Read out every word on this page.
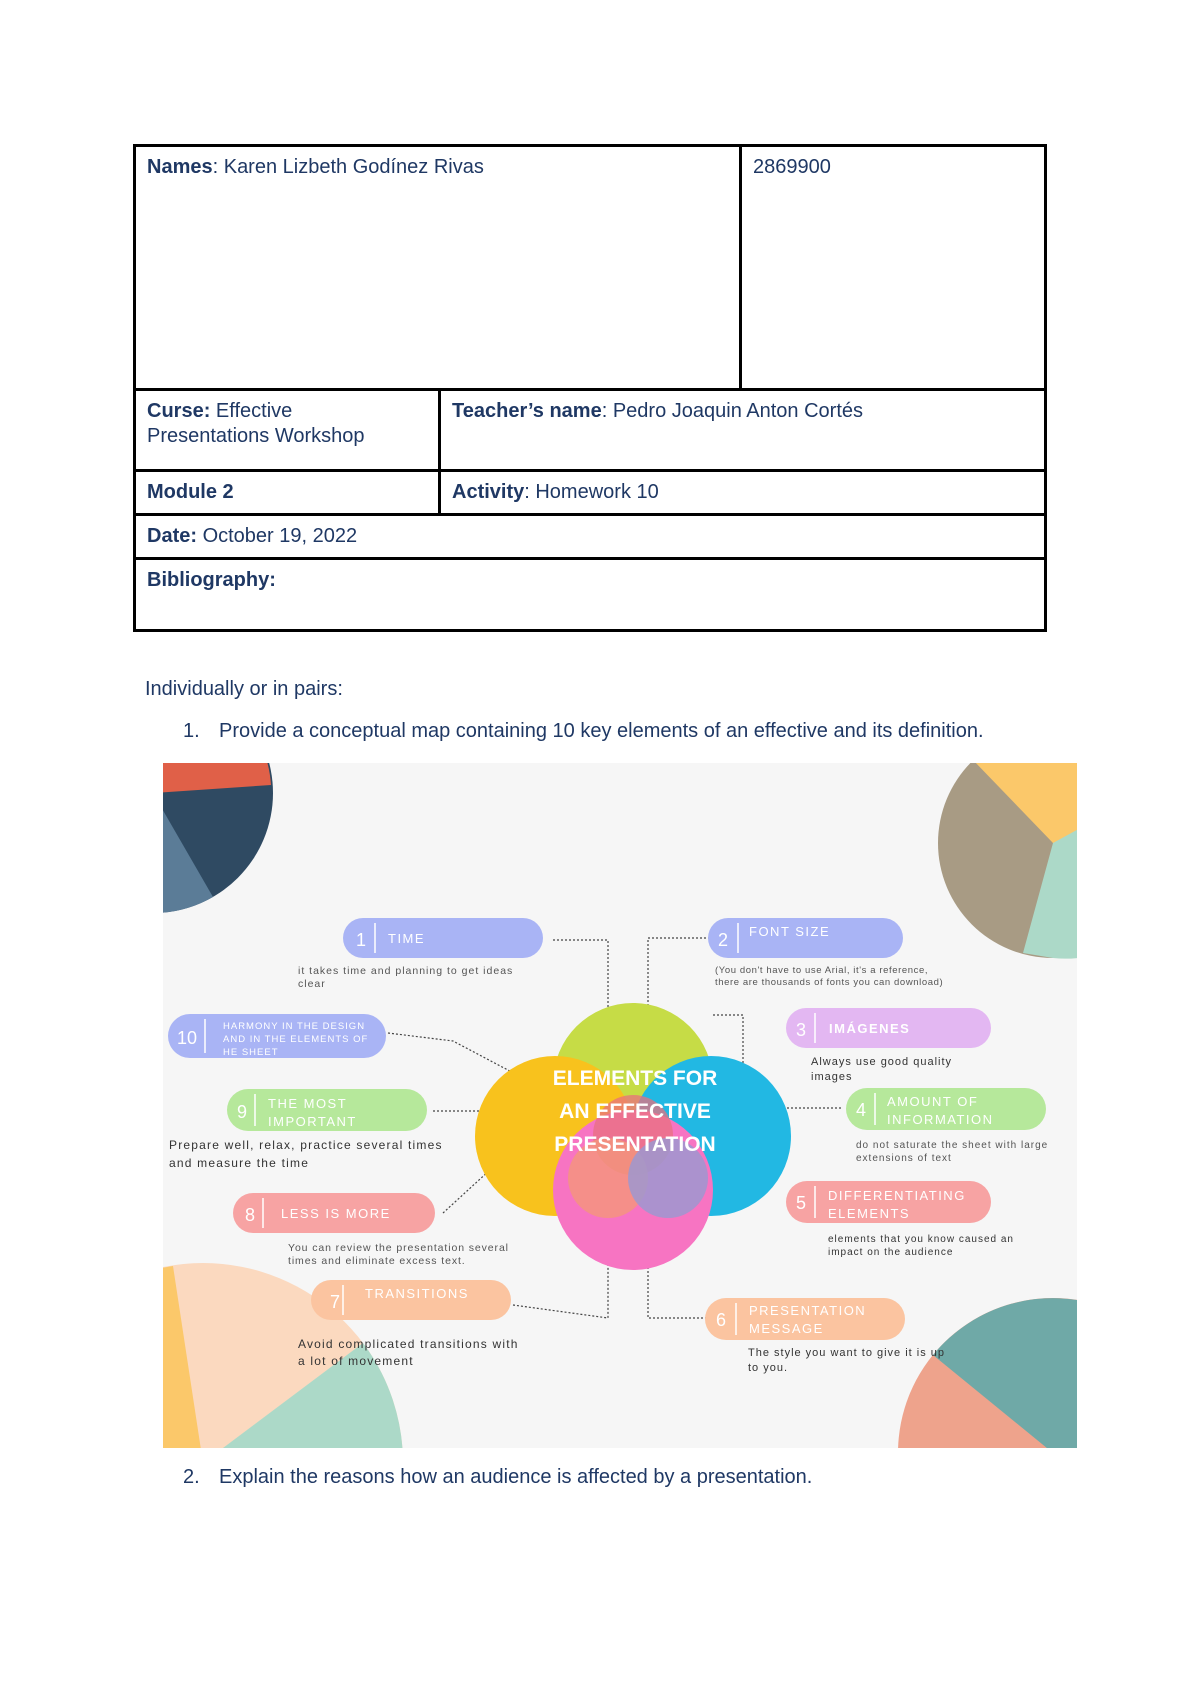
Names: Karen Lizbeth Godínez Rivas	2869900
Curse: Effective Presentations Workshop
Teacher’s name: Pedro Joaquin Anton Cortés
Module 2	Activity: Homework 10
Date: October 19, 2022
Bibliography:
Individually or in pairs:
1. Provide a conceptual map containing 10 key elements of an effective and its definition.
ELEMENTS FOR
AN EFFECTIVE
PRESENTATION
1 TIME
it takes time and planning to get ideas
clear
2 FONT SIZE
(You don't have to use Arial, it's a reference,
there are thousands of fonts you can download)
3 IMÁGENES
Always use good quality
images
4 AMOUNT OF
INFORMATION
do not saturate the sheet with large
extensions of text
5 DIFFERENTIATING
ELEMENTS
elements that you know caused an
impact on the audience
6 PRESENTATION
MESSAGE
The style you want to give it is up
to you.
7 TRANSITIONS
Avoid complicated transitions with
a lot of movement
8 LESS IS MORE
You can review the presentation several
times and eliminate excess text.
9 THE MOST
IMPORTANT
Prepare well, relax, practice several times
and measure the time
10
HARMONY IN THE DESIGN
AND IN THE ELEMENTS OF
HE SHEET
2. Explain the reasons how an audience is affected by a presentation.
